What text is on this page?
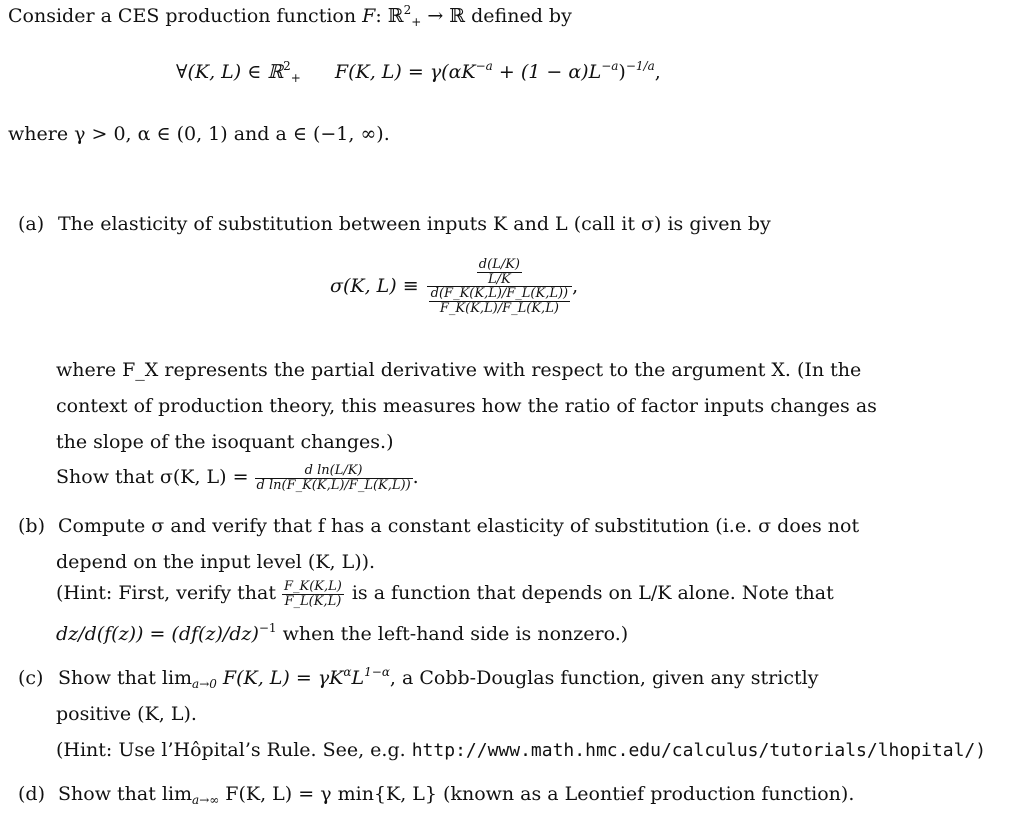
Consider a CES production function F: ℝ$^2_+$ → ℝ defined by
∀(K, L) ∈ ℝ$^2_+$ F(K, $L) = \gamma(\alpha K^{-a} + (1 - \alpha)L^{-a})^{-1/a}$,
where γ > 0, α ∈ (0, 1) and a ∈ (−1, ∞).
(a) The elasticity of substitution between inputs K and L (call it σ) is given by
σ(K, $L) \equiv \frac{\frac{d(L/K)}{L/K}}{\frac{d(F\_K(K,L)/F\_L(K,L))}{F\_K(K,L)/F\_L(K,L)}}$ ,
where F_X represents the partial derivative with respect to the argument X. (In the
context of production theory, this measures how the ratio of factor inputs changes as
the slope of the isoquant changes.)
Show that σ(K, $L) = \frac{\text{d ln(L/K)}}{\text{d ln(F\_K(K,L)/F\_L(K,L))}}$ .
(b) Compute σ and verify that f has a constant elasticity of substitution (i.e. σ does not
depend on the input level (K, L)).
(Hint: First, verify that $\frac{F\_K(K,L)}{F\_L(K,L)}$ is a function that depends on L/K alone. Note that
$dz/d(f(z)) = (df(z)/dz)^{-1}$ when the left-hand side is nonzero.)
(c) Show that $\lim_{a\to 0} F(K$, $L) = \gamma K^\alpha L^{1-\alpha}$, a Cobb-Douglas function, given any strictly
positive (K, L).
(Hint: Use l’Hôpital’s Rule. See, e.g. http://www.math.hmc.edu/calculus/tutorials/lhopital/)
(d) Show that $\lim_{a\to\infty} F(K$, L) = γ min{K, L} (known as a Leontief production function).
